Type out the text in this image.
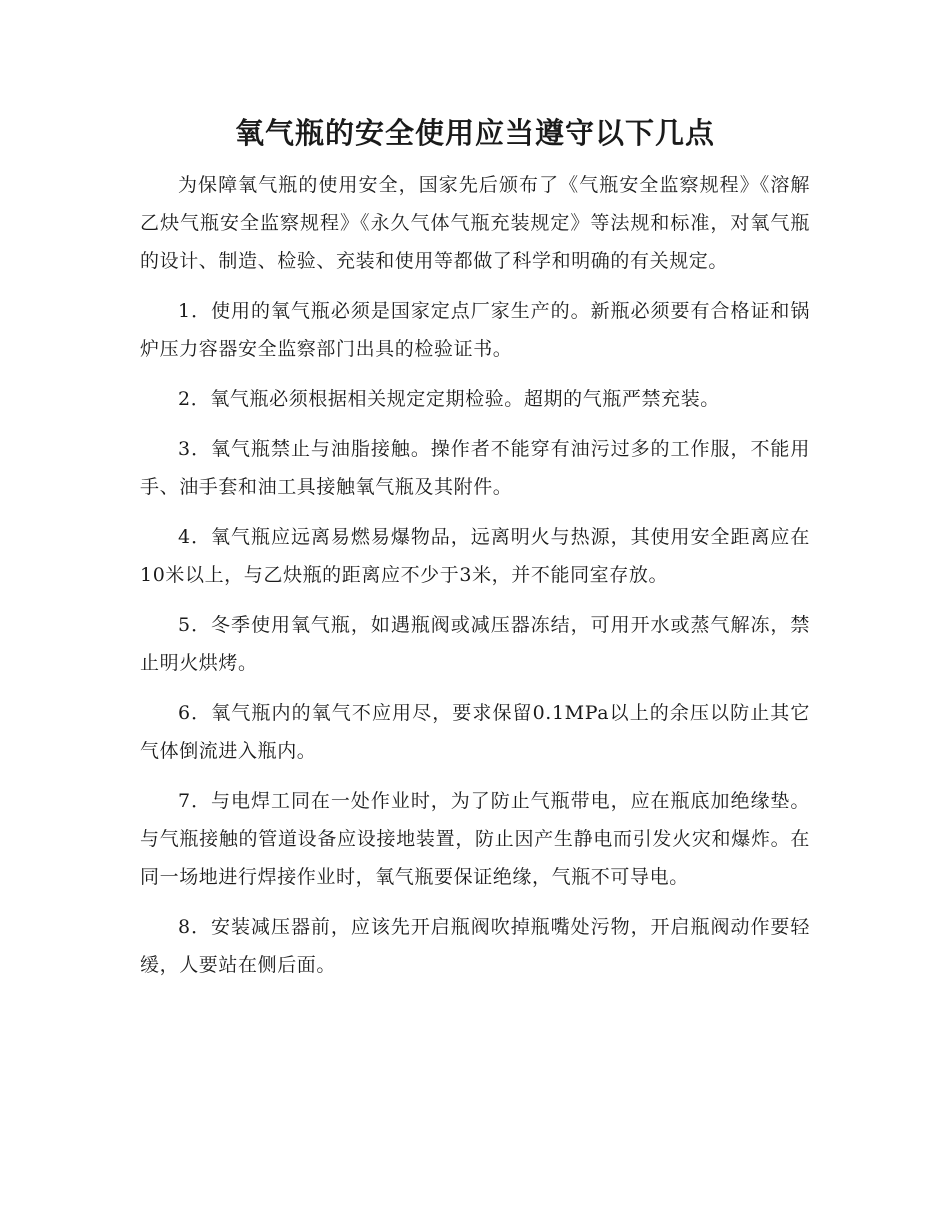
氧气瓶的安全使用应当遵守以下几点

为保障氧气瓶的使用安全，国家先后颁布了《气瓶安全监察规程》《溶解乙炔气瓶安全监察规程》《永久气体气瓶充装规定》等法规和标准，对氧气瓶的设计、制造、检验、充装和使用等都做了科学和明确的有关规定。

1．使用的氧气瓶必须是国家定点厂家生产的。新瓶必须要有合格证和锅炉压力容器安全监察部门出具的检验证书。

2．氧气瓶必须根据相关规定定期检验。超期的气瓶严禁充装。

3．氧气瓶禁止与油脂接触。操作者不能穿有油污过多的工作服，不能用手、油手套和油工具接触氧气瓶及其附件。

4．氧气瓶应远离易燃易爆物品，远离明火与热源，其使用安全距离应在10米以上，与乙炔瓶的距离应不少于3米，并不能同室存放。

5．冬季使用氧气瓶，如遇瓶阀或减压器冻结，可用开水或蒸气解冻，禁止明火烘烤。

6．氧气瓶内的氧气不应用尽，要求保留0.1MPa以上的余压以防止其它气体倒流进入瓶内。

7．与电焊工同在一处作业时，为了防止气瓶带电，应在瓶底加绝缘垫。与气瓶接触的管道设备应设接地装置，防止因产生静电而引发火灾和爆炸。在同一场地进行焊接作业时，氧气瓶要保证绝缘，气瓶不可导电。

8．安装减压器前，应该先开启瓶阀吹掉瓶嘴处污物，开启瓶阀动作要轻缓，人要站在侧后面。
